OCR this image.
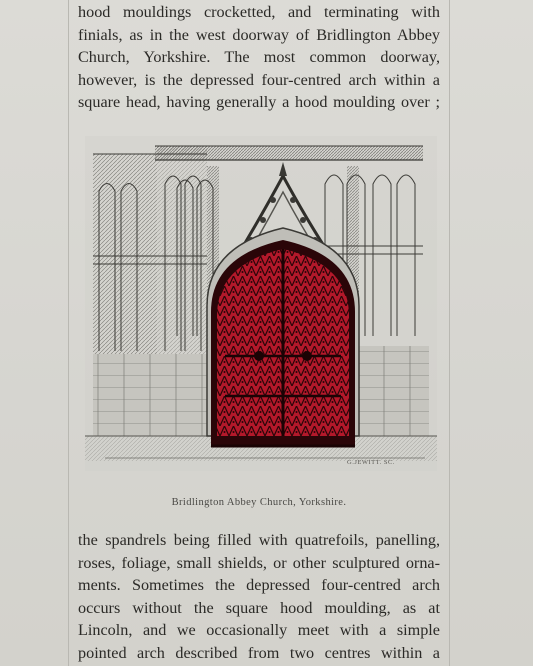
hood mouldings crocketted, and terminating with
finials, as in the west doorway of Bridlington Abbey
Church, Yorkshire. The most common doorway,
however, is the depressed four-centred arch within a
square head, having generally a hood moulding over ;
G.JEWITT. SC.
Bridlington Abbey Church, Yorkshire.
the spandrels being filled with quatrefoils, panelling,
roses, foliage, small shields, or other sculptured orna-
ments. Sometimes the depressed four-centred arch
occurs without the square hood moulding, as at
Lincoln, and we occasionally meet with a simple
pointed arch described from two centres within a
